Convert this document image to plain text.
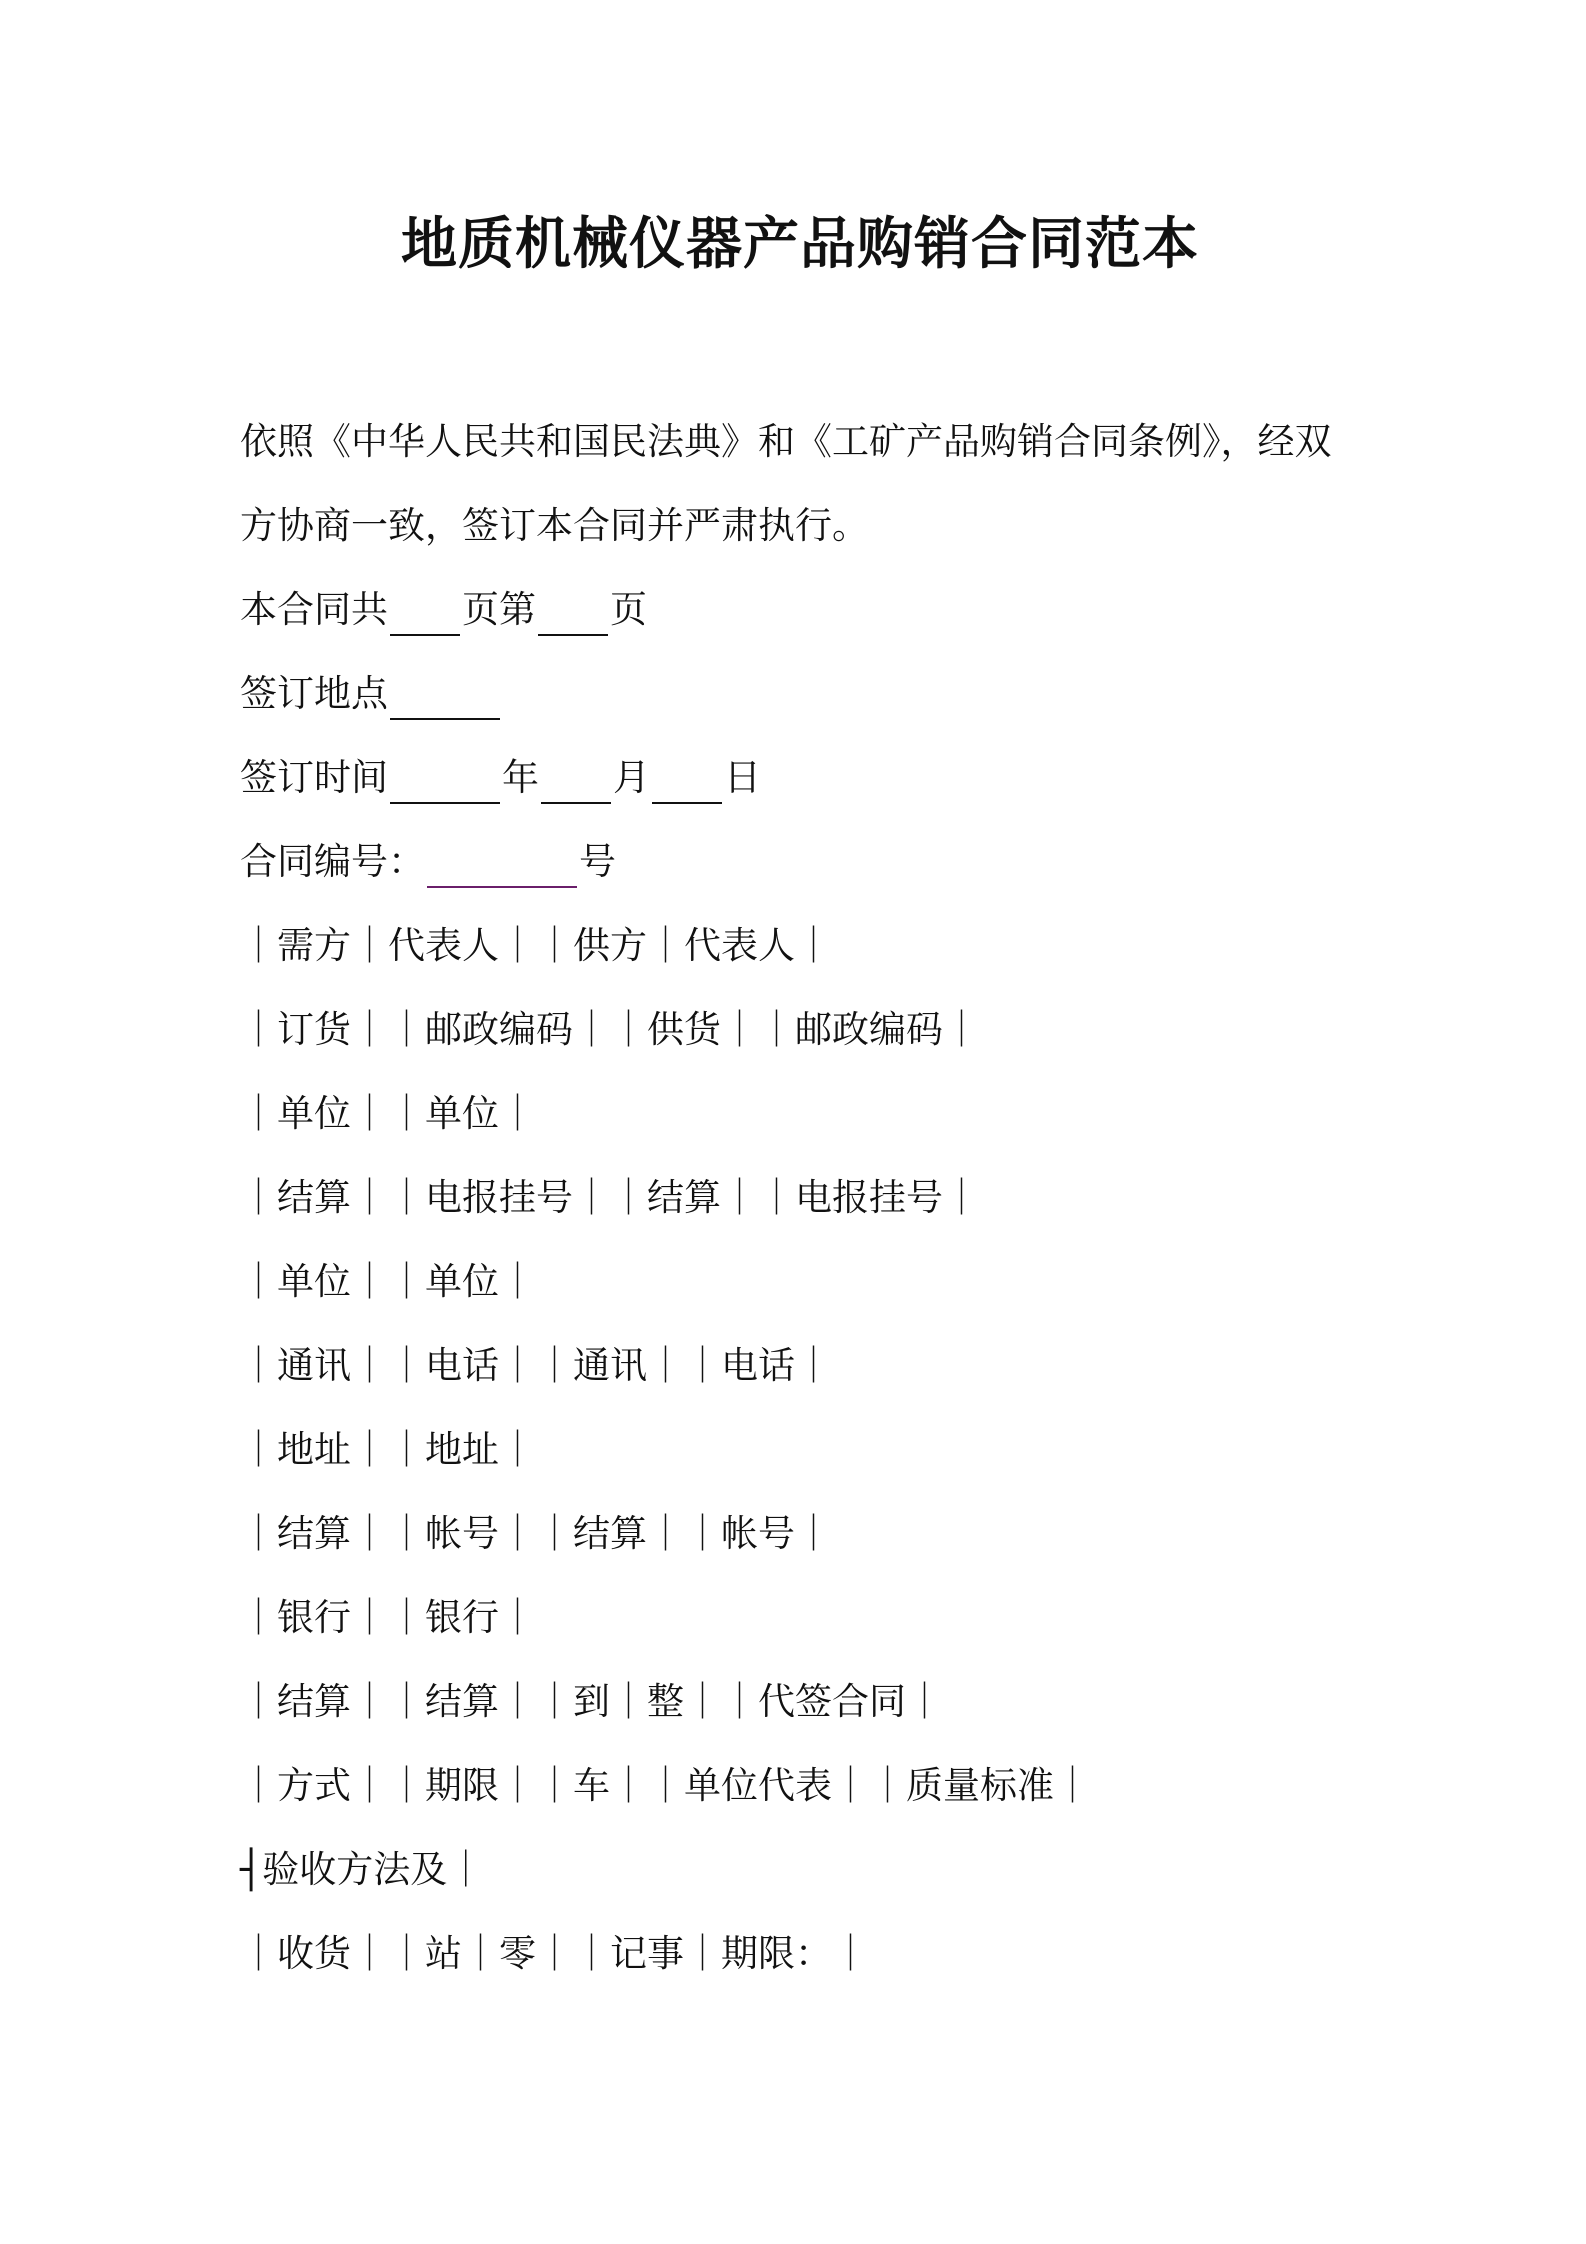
地质机械仪器产品购销合同范本

依照《中华人民共和国民法典》和《工矿产品购销合同条例》，经双

方协商一致，签订本合同并严肃执行。

本合同共 页第 页

签订地点

签订时间	年 月 日

合同编号：	号

｜需方｜代表人｜｜供方｜代表人｜

｜订货｜｜邮政编码｜｜供货｜｜邮政编码｜

｜单位｜｜单位｜

｜结算｜｜电报挂号｜｜结算｜｜电报挂号｜

｜单位｜｜单位｜

｜通讯｜｜电话｜｜通讯｜｜电话｜

｜地址｜｜地址｜

｜结算｜｜帐号｜｜结算｜｜帐号｜

｜银行｜｜银行｜

｜结算｜｜结算｜｜到｜整｜｜代签合同｜

｜方式｜｜期限｜｜车｜｜单位代表｜｜质量标准｜

┤验收方法及｜

｜收货｜｜站｜零｜｜记事｜期限：｜
